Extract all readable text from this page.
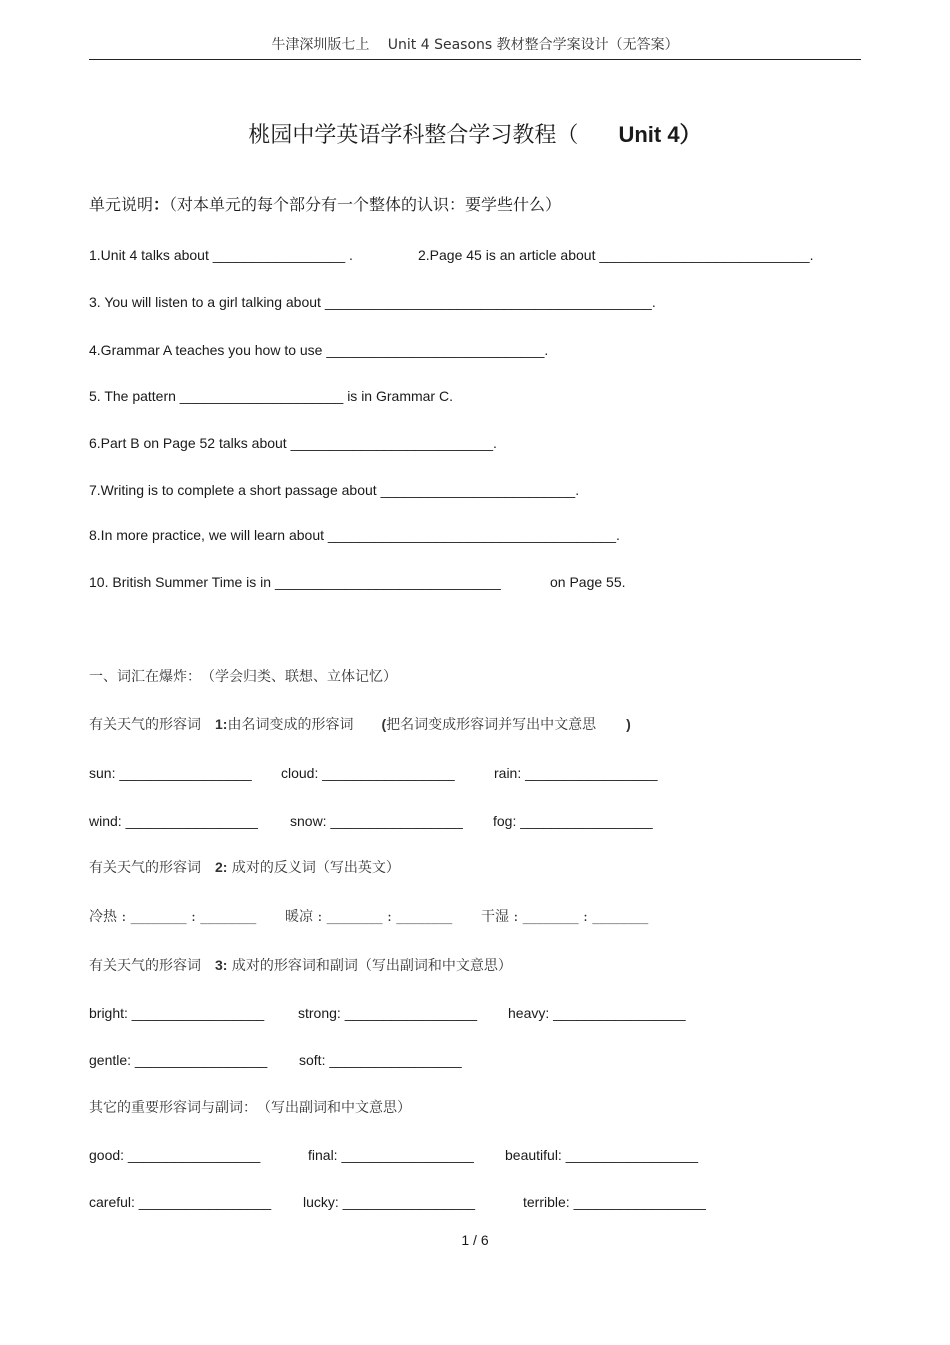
牛津深圳版七上　 Unit 4 Seasons 教材整合学案设计（无答案）
桃园中学英语学科整合学习教程（ Unit 4）
单元说明：（对本单元的每个部分有一个整体的认识：要学些什么）
1.Unit 4 talks about _________________ .	2.Page 45 is an article about ___________________________.
3. You will listen to a girl talking about __________________________________________.
4.Grammar A teaches you how to use ____________________________.
5. The pattern _____________________ is in Grammar C.
6.Part B on Page 52 talks about __________________________.
7.Writing is to complete a short passage about _________________________.
8.In more practice, we will learn about _____________________________________.
10. British Summer Time is in _____________________________	on Page 55.
一、词汇在爆炸：　（学会归类、联想、立体记忆）
有关天气的形容词　1:由名词变成的形容词　　(把名词变成形容词并写出中文意思 )
sun: _________________ cloud: _________________	rain: _________________
wind: _________________ snow: _________________ fog: _________________
有关天气的形容词　2: 成对的反义词（写出英文）
冷热 : ________ : ________ 暖凉 : ________ : ________ 干湿 : ________ : ________
有关天气的形容词　3: 成对的形容词和副词（写出副词和中文意思）
bright: _________________ strong: _________________ heavy: _________________
gentle: _________________ soft: _________________
其它的重要形容词与副词：　（写出副词和中文意思）
good: _________________	final: _________________ beautiful: _________________
careful: _________________ lucky: _________________	terrible: _________________
1 / 6
